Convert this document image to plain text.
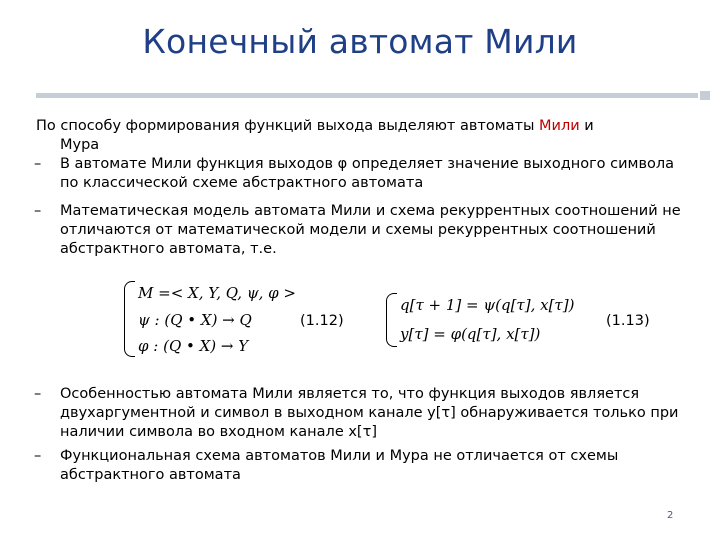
Конечный автомат Мили
По способу формирования функций выхода выделяют автоматы Мили и
Мура
– В автомате Мили функция выходов φ определяет значение выходного символа по классической схеме абстрактного автомата
– Математическая модель автомата Мили и схема рекуррентных соотношений не отличаются от математической модели и схемы рекуррентных соотношений абстрактного автомата, т.е.
M =< X, Y, Q, ψ, φ >
ψ : (Q • X) → Q
φ : (Q • X) → Y
(1.12)
q[τ + 1] = ψ(q[τ], x[τ])
y[τ] = φ(q[τ], x[τ])
(1.13)
– Особенностью автомата Мили является то, что функция выходов является двухаргументной и символ в выходном канале y[τ] обнаруживается только при наличии символа во входном канале x[τ]
– Функциональная схема автоматов Мили и Мура не отличается от схемы абстрактного автомата
2
